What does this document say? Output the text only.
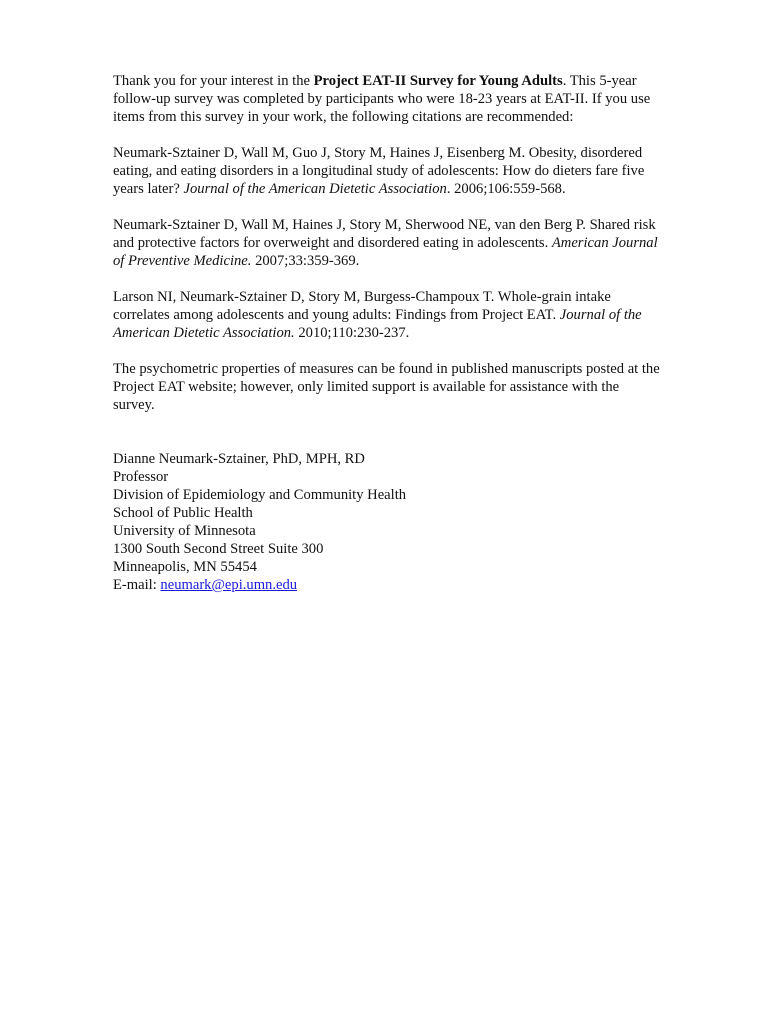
Thank you for your interest in the Project EAT-II Survey for Young Adults. This 5-year follow-up survey was completed by participants who were 18-23 years at EAT-II. If you use items from this survey in your work, the following citations are recommended:

Neumark-Sztainer D, Wall M, Guo J, Story M, Haines J, Eisenberg M. Obesity, disordered eating, and eating disorders in a longitudinal study of adolescents: How do dieters fare five years later? Journal of the American Dietetic Association. 2006;106:559-568.

Neumark-Sztainer D, Wall M, Haines J, Story M, Sherwood NE, van den Berg P. Shared risk and protective factors for overweight and disordered eating in adolescents. American Journal of Preventive Medicine. 2007;33:359-369.

Larson NI, Neumark-Sztainer D, Story M, Burgess-Champoux T. Whole-grain intake correlates among adolescents and young adults: Findings from Project EAT. Journal of the American Dietetic Association. 2010;110:230-237.

The psychometric properties of measures can be found in published manuscripts posted at the Project EAT website; however, only limited support is available for assistance with the survey.

Dianne Neumark-Sztainer, PhD, MPH, RD
Professor
Division of Epidemiology and Community Health
School of Public Health
University of Minnesota
1300 South Second Street Suite 300
Minneapolis, MN 55454
E-mail: neumark@epi.umn.edu
